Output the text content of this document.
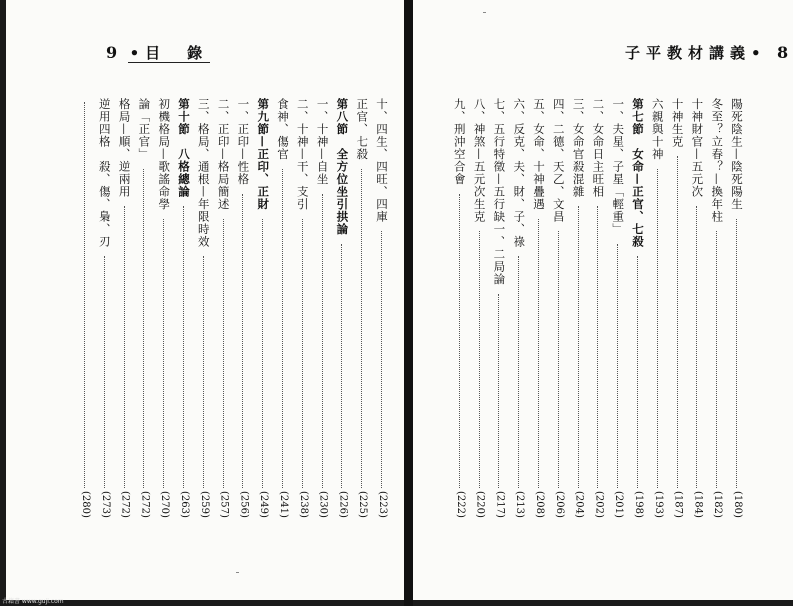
9 •目　錄
十、四生、四旺、四庫
(223)
正官、七殺
(225)
第八節　全方位坐引拱論
(226)
一、十神—自坐
(230)
二、十神—干、支引
(238)
食神、傷官
(241)
第九節—正印、正財
(249)
一、正印—性格
(256)
二、正印—格局簡述
(257)
三、格局、通根—年限時效
(259)
第十節　八格總論
(263)
初機格局—歌謠命學
(270)
論「正官」
(272)
格局—順、逆兩用
(272)
逆用四格　殺、傷、梟、刃
(273)
(280)
子平教材講義• 8
陽死陰生—陰死陽生
(180)
冬至？立春？—換年柱
(182)
十神財官—五元次
(184)
十神生克
(187)
六親與十神
(193)
第七節　女命—正官、七殺
(198)
一、夫星、子星「輕重」
(201)
二、女命日主旺相
(202)
三、女命官殺混雜
(204)
四、二德、天乙、文昌
(206)
五、女命、十神疊遇
(208)
六、反克、夫、財、子、祿
(213)
七、五行特徵—五行缺一、二局論
(217)
八、神煞—五元次生克
(220)
九、刑沖空合會
(222)
古籍書 www.guji.com
